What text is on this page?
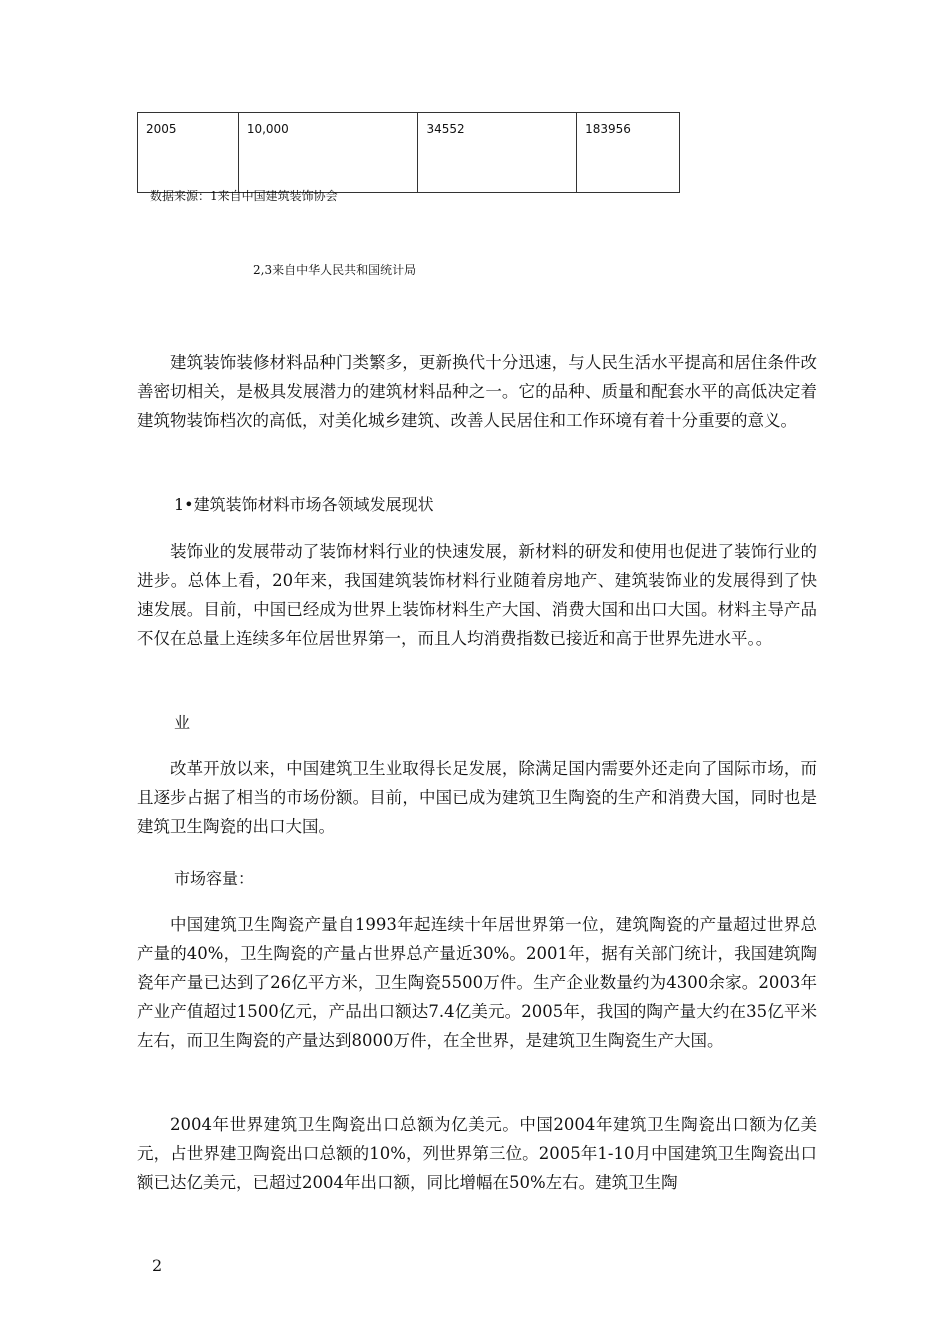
2005	10,000	34552	183956
数据来源：1来自中国建筑装饰协会
2,3来自中华人民共和国统计局

建筑装饰装修材料品种门类繁多，更新换代十分迅速，与人民生活水平提高和居住条件改善密切相关，是极具发展潜力的建筑材料品种之一。它的品种、质量和配套水平的高低决定着建筑物装饰档次的高低，对美化城乡建筑、改善人民居住和工作环境有着十分重要的意义。

1•建筑装饰材料市场各领域发展现状

装饰业的发展带动了装饰材料行业的快速发展，新材料的研发和使用也促进了装饰行业的进步。总体上看，20年来，我国建筑装饰材料行业随着房地产、建筑装饰业的发展得到了快速发展。目前，中国已经成为世界上装饰材料生产大国、消费大国和出口大国。材料主导产品不仅在总量上连续多年位居世界第一，而且人均消费指数已接近和高于世界先进水平。。

业

改革开放以来，中国建筑卫生业取得长足发展，除满足国内需要外还走向了国际市场，而且逐步占据了相当的市场份额。目前，中国已成为建筑卫生陶瓷的生产和消费大国，同时也是建筑卫生陶瓷的出口大国。

市场容量：

中国建筑卫生陶瓷产量自1993年起连续十年居世界第一位，建筑陶瓷的产量超过世界总产量的40%，卫生陶瓷的产量占世界总产量近30%。2001年，据有关部门统计，我国建筑陶瓷年产量已达到了26亿平方米，卫生陶瓷5500万件。生产企业数量约为4300余家。2003年产业产值超过1500亿元，产品出口额达7.4亿美元。2005年，我国的陶产量大约在35亿平米左右，而卫生陶瓷的产量达到8000万件，在全世界，是建筑卫生陶瓷生产大国。

2004年世界建筑卫生陶瓷出口总额为亿美元。中国2004年建筑卫生陶瓷出口额为亿美元，占世界建卫陶瓷出口总额的10%，列世界第三位。2005年1-10月中国建筑卫生陶瓷出口额已达亿美元，已超过2004年出口额，同比增幅在50%左右。建筑卫生陶

2
